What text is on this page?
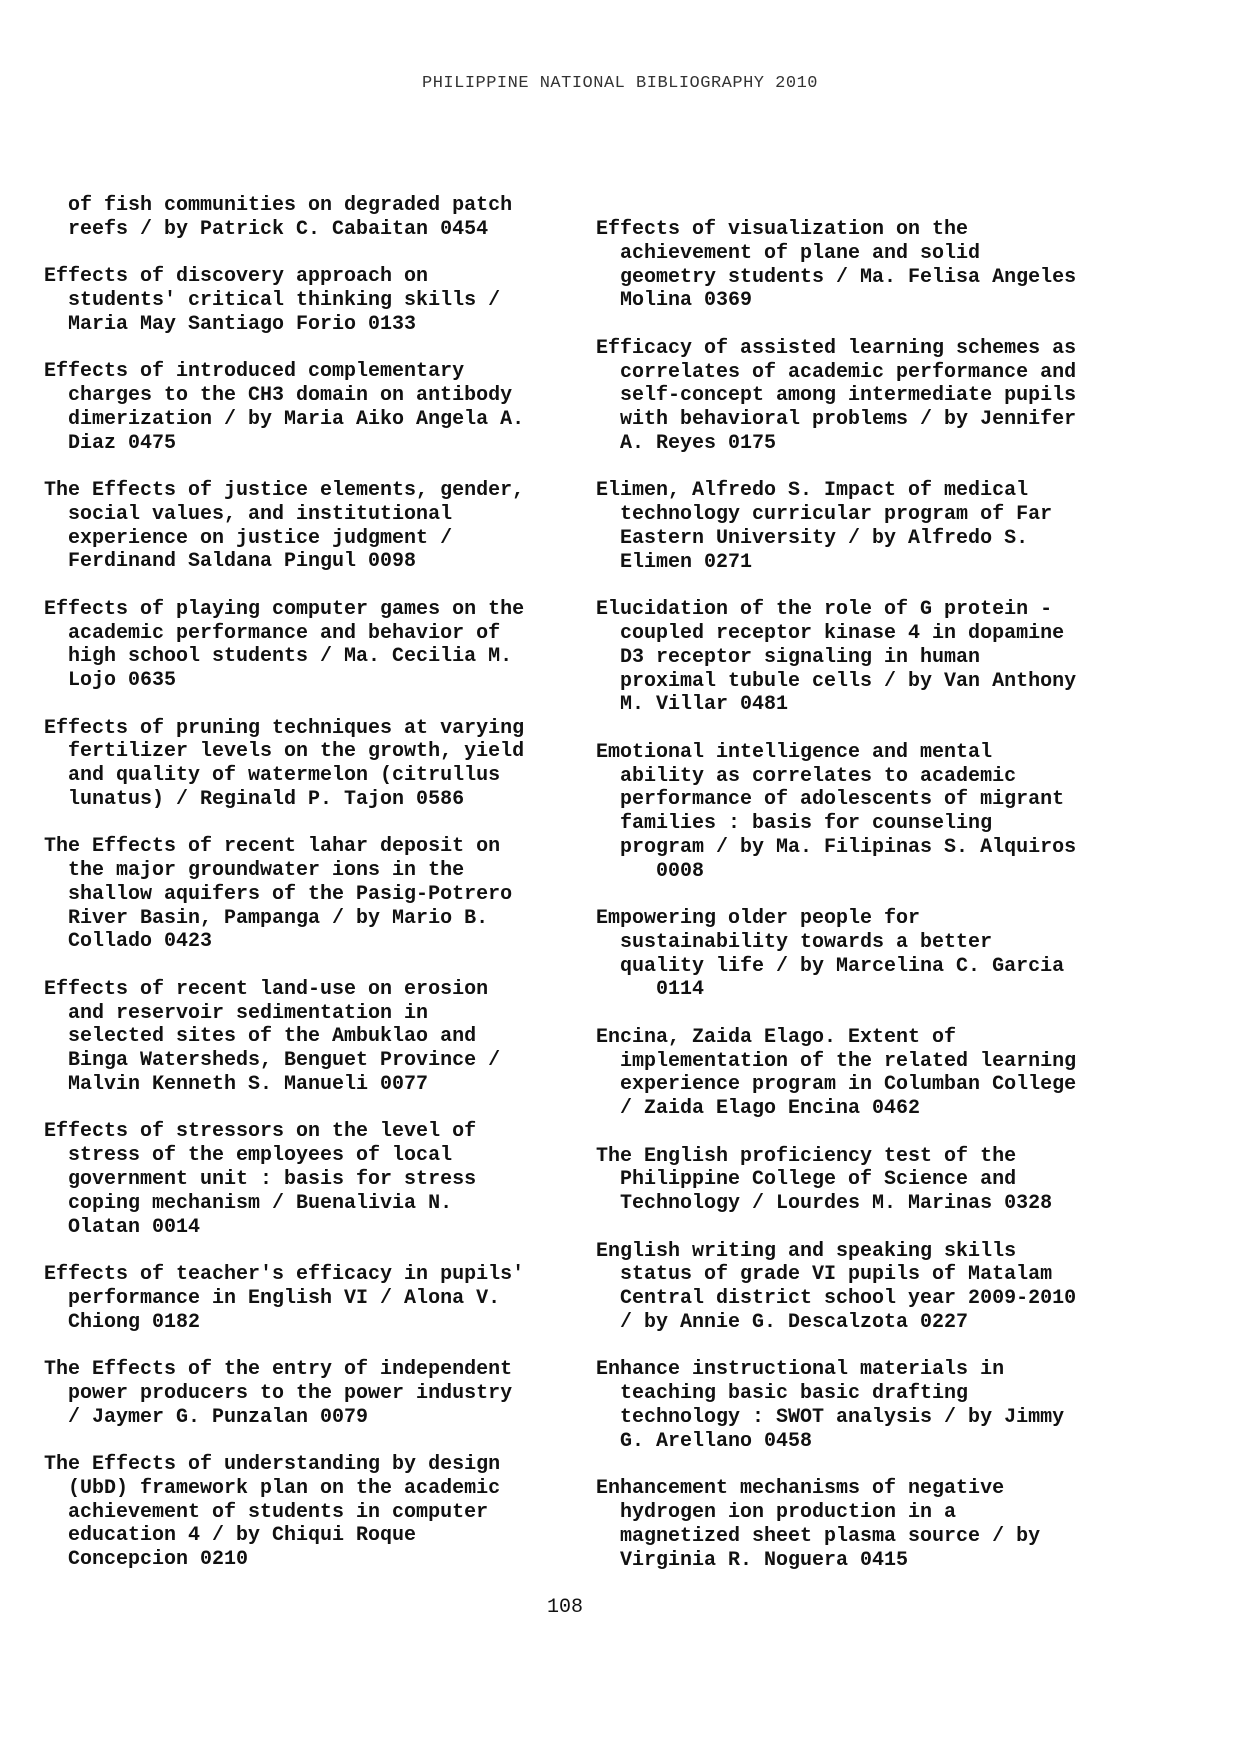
PHILIPPINE NATIONAL BIBLIOGRAPHY 2010
of fish communities on degraded patch
reefs / by Patrick C. Cabaitan 0454
Effects of discovery approach on
students' critical thinking skills /
Maria May Santiago Forio 0133
Effects of introduced complementary
charges to the CH3 domain on antibody
dimerization / by Maria Aiko Angela A.
Diaz 0475
The Effects of justice elements, gender,
social values, and institutional
experience on justice judgment /
Ferdinand Saldana Pingul 0098
Effects of playing computer games on the
academic performance and behavior of
high school students / Ma. Cecilia M.
Lojo 0635
Effects of pruning techniques at varying
fertilizer levels on the growth, yield
and quality of watermelon (citrullus
lunatus) / Reginald P. Tajon 0586
The Effects of recent lahar deposit on
the major groundwater ions in the
shallow aquifers of the Pasig-Potrero
River Basin, Pampanga / by Mario B.
Collado 0423
Effects of recent land-use on erosion
and reservoir sedimentation in
selected sites of the Ambuklao and
Binga Watersheds, Benguet Province /
Malvin Kenneth S. Manueli 0077
Effects of stressors on the level of
stress of the employees of local
government unit : basis for stress
coping mechanism / Buenalivia N.
Olatan 0014
Effects of teacher's efficacy in pupils'
performance in English VI / Alona V.
Chiong 0182
The Effects of the entry of independent
power producers to the power industry
/ Jaymer G. Punzalan 0079
The Effects of understanding by design
(UbD) framework plan on the academic
achievement of students in computer
education 4 / by Chiqui Roque
Concepcion 0210
Effects of visualization on the
achievement of plane and solid
geometry students / Ma. Felisa Angeles
Molina 0369
Efficacy of assisted learning schemes as
correlates of academic performance and
self-concept among intermediate pupils
with behavioral problems / by Jennifer
A. Reyes 0175
Elimen, Alfredo S. Impact of medical
technology curricular program of Far
Eastern University / by Alfredo S.
Elimen 0271
Elucidation of the role of G protein -
coupled receptor kinase 4 in dopamine
D3 receptor signaling in human
proximal tubule cells / by Van Anthony
M. Villar 0481
Emotional intelligence and mental
ability as correlates to academic
performance of adolescents of migrant
families : basis for counseling
program / by Ma. Filipinas S. Alquiros
0008
Empowering older people for
sustainability towards a better
quality life / by Marcelina C. Garcia
0114
Encina, Zaida Elago. Extent of
implementation of the related learning
experience program in Columban College
/ Zaida Elago Encina 0462
The English proficiency test of the
Philippine College of Science and
Technology / Lourdes M. Marinas 0328
English writing and speaking skills
status of grade VI pupils of Matalam
Central district school year 2009-2010
/ by Annie G. Descalzota 0227
Enhance instructional materials in
teaching basic basic drafting
technology : SWOT analysis / by Jimmy
G. Arellano 0458
Enhancement mechanisms of negative
hydrogen ion production in a
magnetized sheet plasma source / by
Virginia R. Noguera 0415
108
